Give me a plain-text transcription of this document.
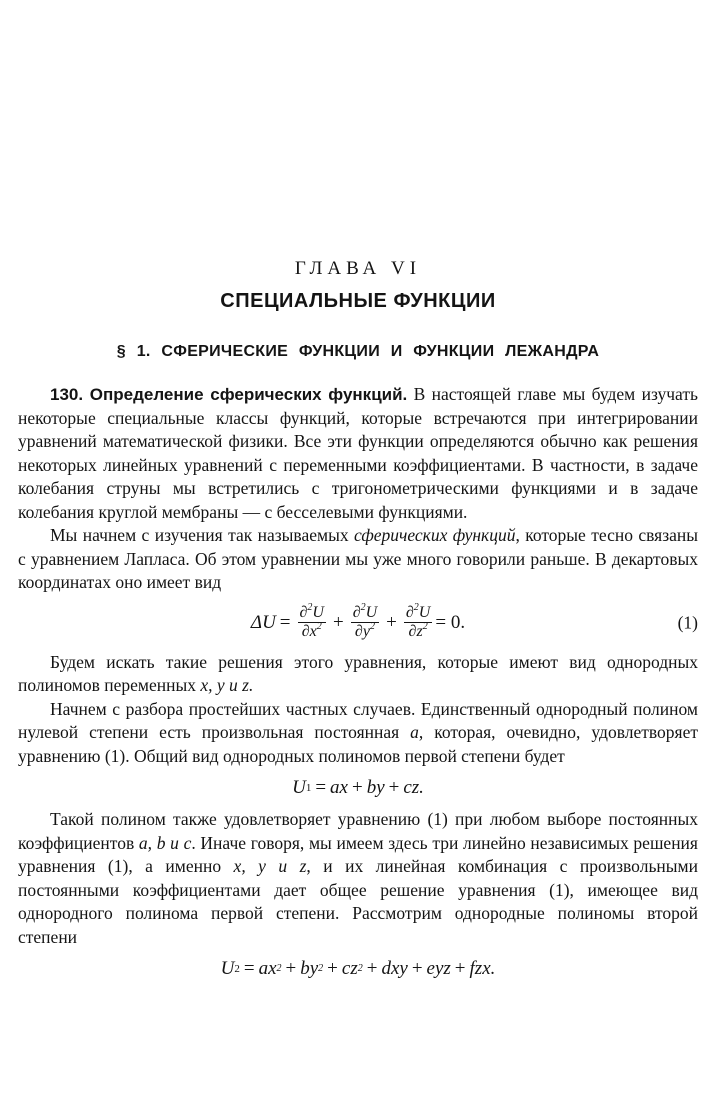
ГЛАВА VI
СПЕЦИАЛЬНЫЕ ФУНКЦИИ
§ 1. СФЕРИЧЕСКИЕ ФУНКЦИИ И ФУНКЦИИ ЛЕЖАНДРА

130. Определение сферических функций. В настоящей главе мы будем изучать некоторые специальные классы функций, которые встречаются при интегрировании уравнений математической физики. Все эти функции определяются обычно как решения некоторых линейных уравнений с переменными коэффициентами. В частности, в задаче колебания струны мы встретились с тригонометрическими функциями и в задаче колебания круглой мембраны — с бесселевыми функциями.

Мы начнем с изучения так называемых сферических функций, которые тесно связаны с уравнением Лапласа. Об этом уравнении мы уже много говорили раньше. В декартовых координатах оно имеет вид

$\Delta U = \frac{\partial^2U}{\partial x^2} + \frac{\partial^2U}{\partial y^2} + \frac{\partial^2U}{\partial z^2} = 0$.	(1)

Будем искать такие решения этого уравнения, которые имеют вид однородных полиномов переменных x, y и z.

Начнем с разбора простейших частных случаев. Единственный однородный полином нулевой степени есть произвольная постоянная a, которая, очевидно, удовлетворяет уравнению (1). Общий вид однородных полиномов первой степени будет

U 1 = ax + by + cz.

Такой полином также удовлетворяет уравнению (1) при любом выборе постоянных коэффициентов a, b и c. Иначе говоря, мы имеем здесь три линейно независимых решения уравнения (1), а именно x, y и z, и их линейная комбинация с произвольными постоянными коэффициентами дает общее решение уравнения (1), имеющее вид однородного полинома первой степени. Рассмотрим однородные полиномы второй степени

U 2 = ax 2 + by 2 + cz 2 + dxy + eyz + fzx.
